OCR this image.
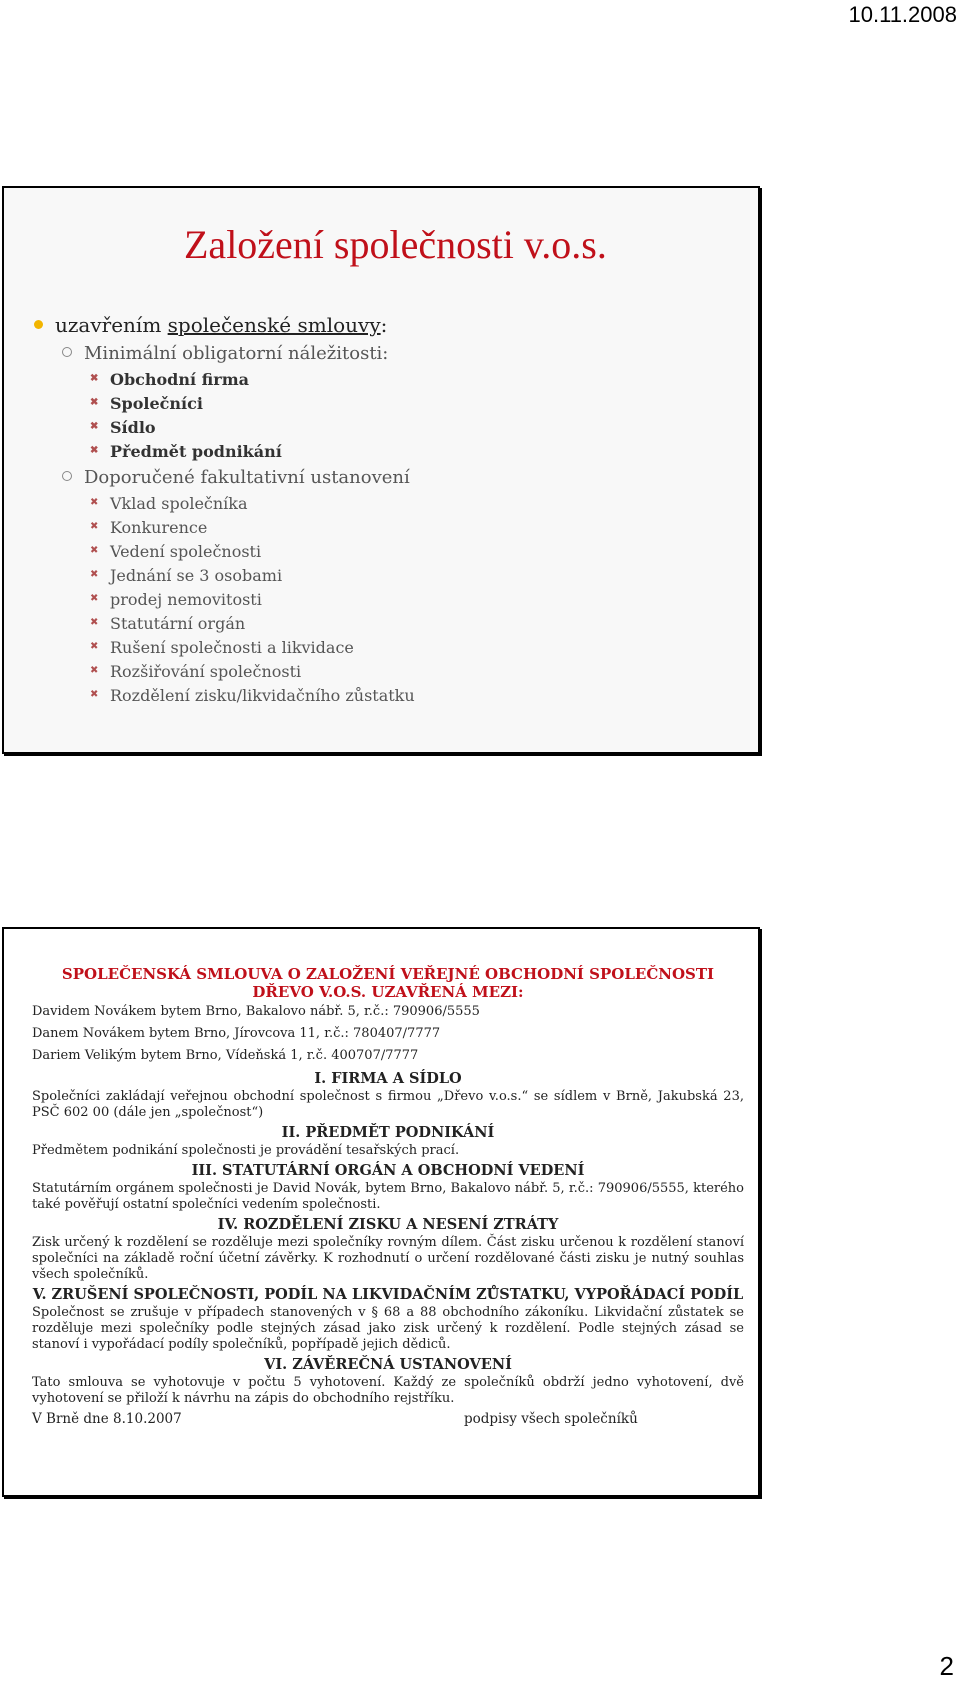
10.11.2008
Založení společnosti v.o.s.
uzavřením společenské smlouvy:
Minimální obligatorní náležitosti:
✖ Obchodní firma
✖ Společníci
✖ Sídlo
✖ Předmět podnikání
Doporučené fakultativní ustanovení
✖ Vklad společníka
✖ Konkurence
✖ Vedení společnosti
✖ Jednání se 3 osobami
✖ prodej nemovitosti
✖ Statutární orgán
✖ Rušení společnosti a likvidace
✖ Rozšiřování společnosti
✖ Rozdělení zisku/likvidačního zůstatku

SPOLEČENSKÁ SMLOUVA O ZALOŽENÍ VEŘEJNÉ OBCHODNÍ SPOLEČNOSTI DŘEVO V.O.S. UZAVŘENÁ MEZI:

Davidem Novákem bytem Brno, Bakalovo nábř. 5, r.č.: 790906/5555

Danem Novákem bytem Brno, Jírovcova 11, r.č.: 780407/7777

Dariem Velikým bytem Brno, Vídeňská 1, r.č. 400707/7777

I. FIRMA A SÍDLO

Společníci zakládají veřejnou obchodní společnost s firmou „Dřevo v.o.s.“ se sídlem v Brně, Jakubská 23, PSČ 602 00 (dále jen „společnost“)

II. PŘEDMĚT PODNIKÁNÍ

Předmětem podnikání společnosti je provádění tesařských prací.

III. STATUTÁRNÍ ORGÁN A OBCHODNÍ VEDENÍ

Statutárním orgánem společnosti je David Novák, bytem Brno, Bakalovo nábř. 5, r.č.: 790906/5555, kterého také pověřují ostatní společníci vedením společnosti.

IV. ROZDĚLENÍ ZISKU A NESENÍ ZTRÁTY

Zisk určený k rozdělení se rozděluje mezi společníky rovným dílem. Část zisku určenou k rozdělení stanoví společníci na základě roční účetní závěrky. K rozhodnutí o určení rozdělované části zisku je nutný souhlas všech společníků.

V. ZRUŠENÍ SPOLEČNOSTI, PODÍL NA LIKVIDAČNÍM ZŮSTATKU, VYPOŘÁDACÍ PODÍL

Společnost se zrušuje v případech stanovených v § 68 a 88 obchodního zákoníku. Likvidační zůstatek se rozděluje mezi společníky podle stejných zásad jako zisk určený k rozdělení. Podle stejných zásad se stanoví i vypořádací podíly společníků, popřípadě jejich dědiců.

VI. ZÁVĚREČNÁ USTANOVENÍ

Tato smlouva se vyhotovuje v počtu 5 vyhotovení. Každý ze společníků obdrží jedno vyhotovení, dvě vyhotovení se přiloží k návrhu na zápis do obchodního rejstříku.

V Brně dne 8.10.2007	podpisy všech společníků
2
